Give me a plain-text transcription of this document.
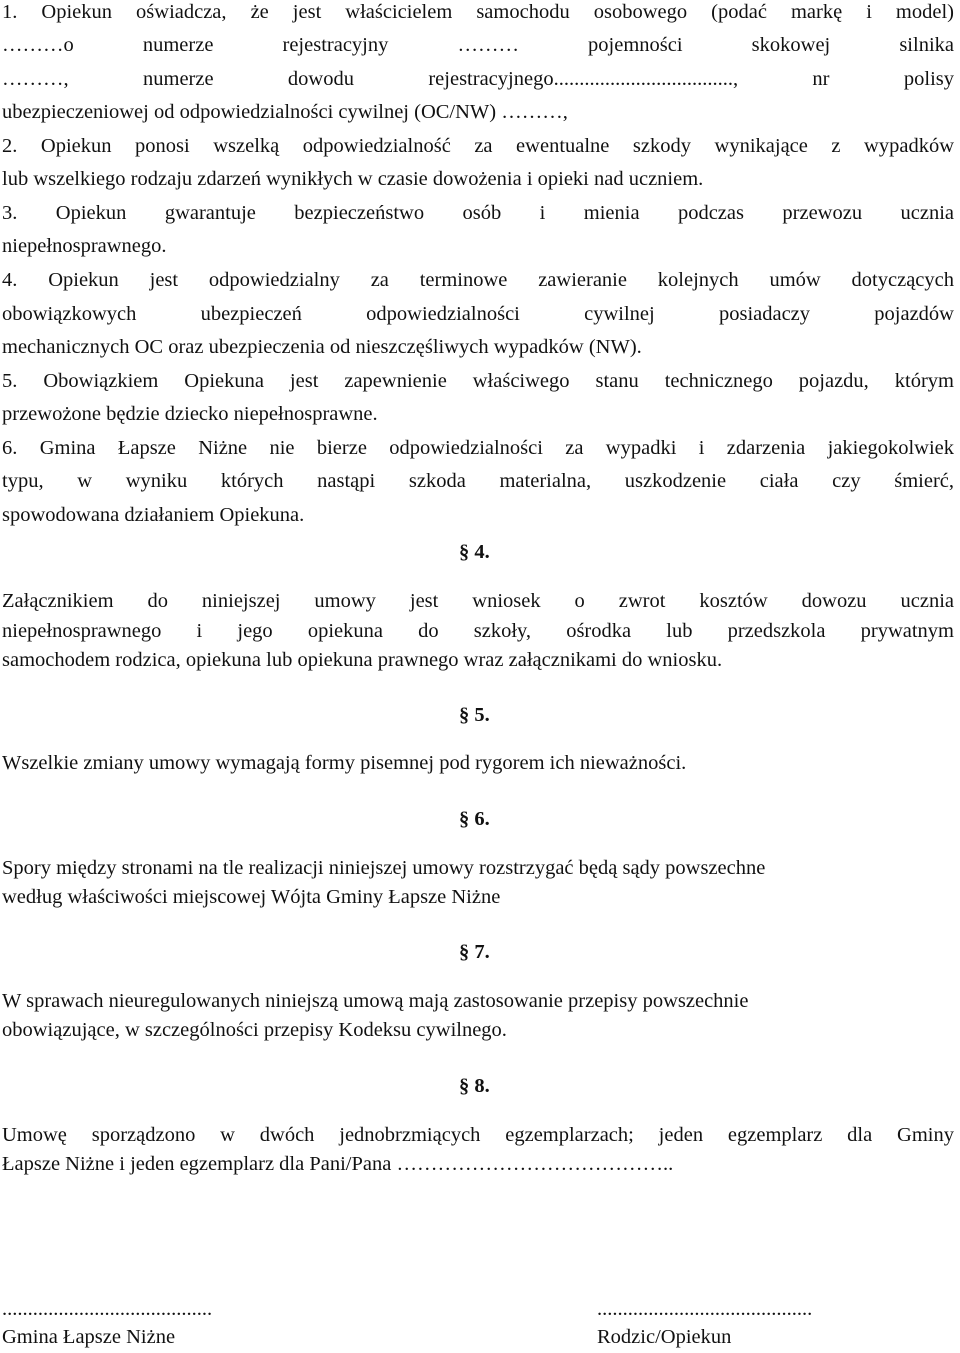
1. Opiekun oświadcza, że jest właścicielem samochodu osobowego (podać markę i model)
………o numerze rejestracyjny ……… pojemności skokowej silnika
………, numerze dowodu rejestracyjnego..................................., nr polisy
ubezpieczeniowej od odpowiedzialności cywilnej (OC/NW) ………,
2. Opiekun ponosi wszelką odpowiedzialność za ewentualne szkody wynikające z wypadków
lub wszelkiego rodzaju zdarzeń wynikłych w czasie dowożenia i opieki nad uczniem.
3. Opiekun gwarantuje bezpieczeństwo osób i mienia podczas przewozu ucznia
niepełnosprawnego.
4. Opiekun jest odpowiedzialny za terminowe zawieranie kolejnych umów dotyczących
obowiązkowych ubezpieczeń odpowiedzialności cywilnej posiadaczy pojazdów
mechanicznych OC oraz ubezpieczenia od nieszczęśliwych wypadków (NW).
5. Obowiązkiem Opiekuna jest zapewnienie właściwego stanu technicznego pojazdu, którym
przewożone będzie dziecko niepełnosprawne.
6. Gmina Łapsze Niżne nie bierze odpowiedzialności za wypadki i zdarzenia jakiegokolwiek
typu, w wyniku których nastąpi szkoda materialna, uszkodzenie ciała czy śmierć,
spowodowana działaniem Opiekuna.
§ 4.
Załącznikiem do niniejszej umowy jest wniosek o zwrot kosztów dowozu ucznia
niepełnosprawnego i jego opiekuna do szkoły, ośrodka lub przedszkola prywatnym
samochodem rodzica, opiekuna lub opiekuna prawnego wraz załącznikami do wniosku.
§ 5.
Wszelkie zmiany umowy wymagają formy pisemnej pod rygorem ich nieważności.
§ 6.
Spory między stronami na tle realizacji niniejszej umowy rozstrzygać będą sądy powszechne
według właściwości miejscowej Wójta Gminy Łapsze Niżne
§ 7.
W sprawach nieuregulowanych niniejszą umową mają zastosowanie przepisy powszechnie
obowiązujące, w szczególności przepisy Kodeksu cywilnego.
§ 8.
Umowę sporządzono w dwóch jednobrzmiących egzemplarzach; jeden egzemplarz dla Gminy
Łapsze Niżne i jeden egzemplarz dla Pani/Pana …………………………………..
.........................................
Gmina Łapsze Niżne
..........................................
Rodzic/Opiekun
